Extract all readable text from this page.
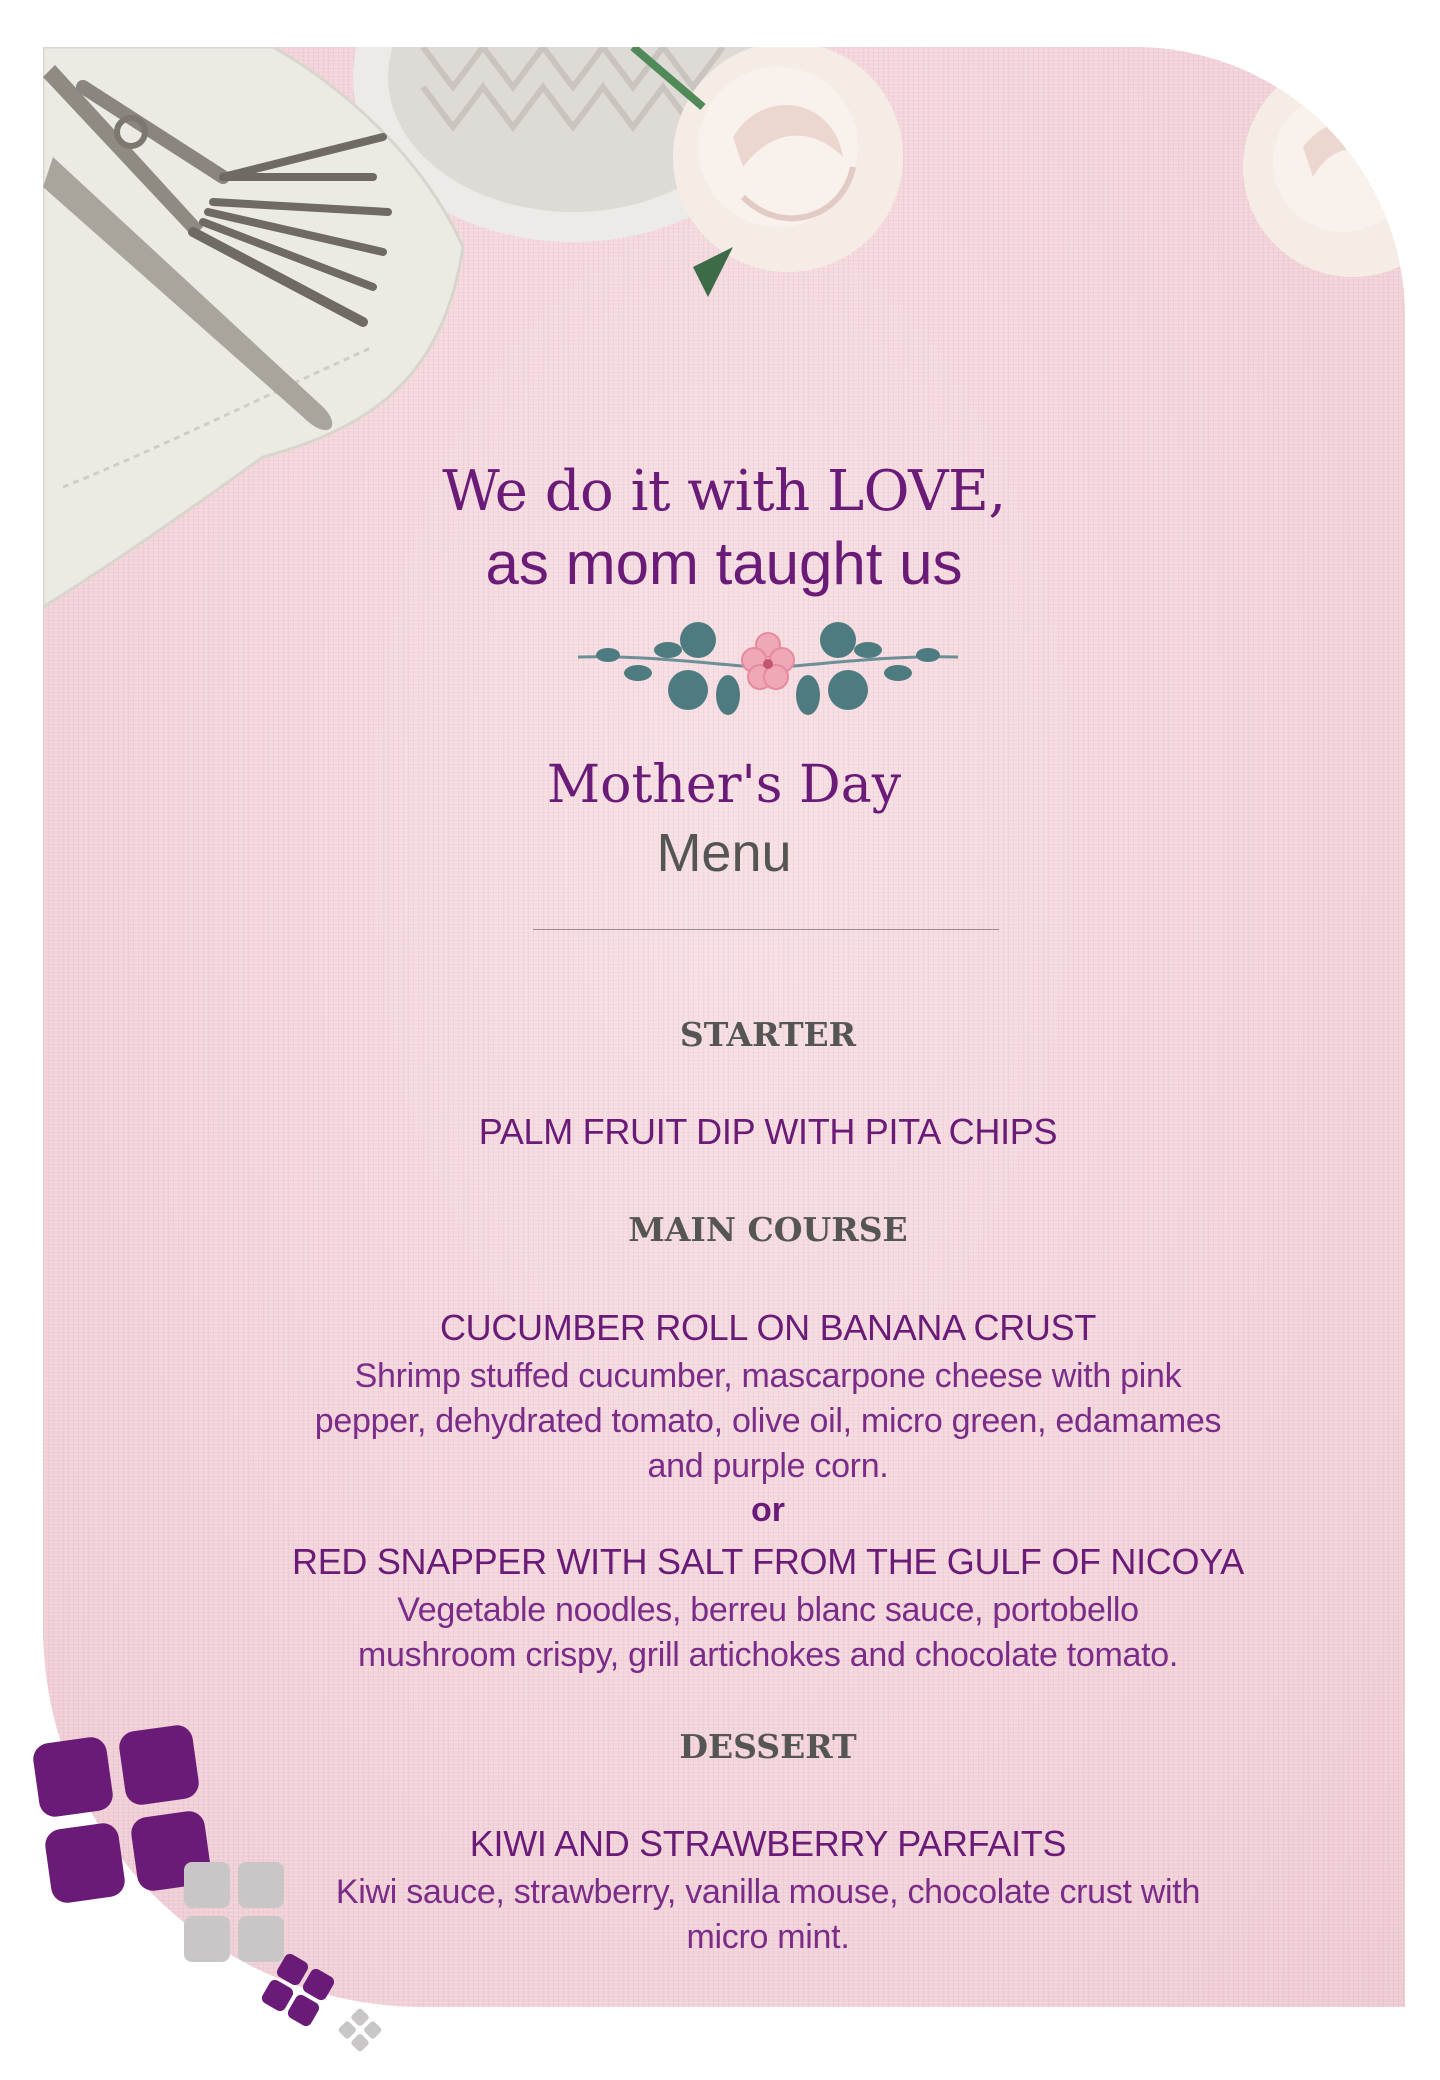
We do it with LOVE,
as mom taught us
Mother's Day
Menu
STARTER
PALM FRUIT DIP WITH PITA CHIPS
MAIN COURSE
CUCUMBER ROLL ON BANANA CRUST
Shrimp stuffed cucumber, mascarpone cheese with pink
pepper, dehydrated tomato, olive oil, micro green, edamames
and purple corn.
or
RED SNAPPER WITH SALT FROM THE GULF OF NICOYA
Vegetable noodles, berreu blanc sauce, portobello
mushroom crispy, grill artichokes and chocolate tomato.
DESSERT
KIWI AND STRAWBERRY PARFAITS
Kiwi sauce, strawberry, vanilla mouse, chocolate crust with
micro mint.
